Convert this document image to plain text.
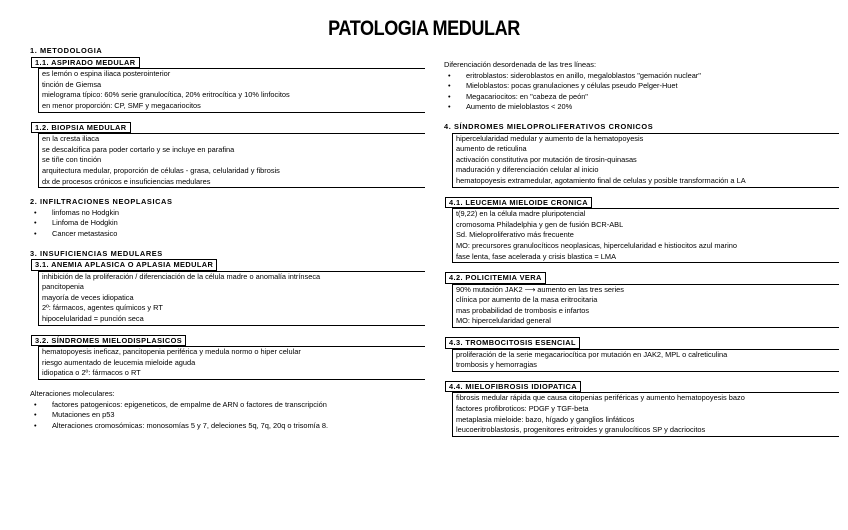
PATOLOGIA MEDULAR
1. METODOLOGIA
1.1. ASPIRADO MEDULAR
es lemón o espina iliaca posterointerior
tinción de Giemsa
mielograma típico: 60% serie granulocítica, 20% eritrocítica y 10% linfocitos
en menor proporción: CP, SMF y megacariocitos
1.2. BIOPSIA MEDULAR
en la cresta iliaca
se descalcifica para poder cortarlo y se incluye en parafina
se tiñe con tinción
arquitectura medular, proporción de células - grasa, celularidad y fibrosis
dx de procesos crónicos e insuficiencias medulares
2. INFILTRACIONES NEOPLASICAS
• linfomas no Hodgkin
• Linfoma de Hodgkin
• Cancer metastasico
3. INSUFICIENCIAS MEDULARES
3.1. ANEMIA APLASICA O APLASIA MEDULAR
inhibición de la proliferación / diferenciación de la célula madre o anomalía intrínseca
pancitopenia
mayoría de veces idiopatica
2º: fármacos, agentes químicos y RT
hipocelularidad = punción seca
3.2. SÍNDROMES MIELODISPLASICOS
hematopoyesis ineficaz, pancitopenia periférica y medula normo o hiper celular
riesgo aumentado de leucemia mieloide aguda
idiopatica o 2º: fármacos o RT
Alteraciones moleculares:
• factores patogenicos: epigeneticos, de empalme de ARN o factores de transcripción
• Mutaciones en p53
• Alteraciones cromosómicas: monosomías 5 y 7, deleciones 5q, 7q, 20q o trisomía 8.
Diferenciación desordenada de las tres líneas:
• eritroblastos: sideroblastos en anillo, megaloblastos "gemación nuclear"
• Mieloblastos: pocas granulaciones y células pseudo Pelger-Huet
• Megacariocitos: en "cabeza de peón"
• Aumento de mieloblastos < 20%
4. SÍNDROMES MIELOPROLIFERATIVOS CRONICOS
hipercelularidad medular y aumento de la hematopoyesis
aumento de reticulina
activación constitutiva por mutación de tirosin-quinasas
maduración y diferenciación celular al inicio
hematopoyesis extramedular, agotamiento final de celulas y posible transformación a LA
4.1. LEUCEMIA MIELOIDE CRONICA
t(9,22) en la célula madre pluripotencial
cromosoma Philadelphia y gen de fusión BCR-ABL
Sd. Mieloproliferativo más frecuente
MO: precursores granulocíticos neoplasicas, hipercelularidad e histiocitos azul marino
fase lenta, fase acelerada y crisis blastica = LMA
4.2. POLICITEMIA VERA
90% mutación JAK2 ⟶ aumento en las tres series
clínica por aumento de la masa eritrocitaria
mas probabilidad de trombosis e infartos
MO: hipercelularidad general
4.3. TROMBOCITOSIS ESENCIAL
proliferación de la serie megacariocítica por mutación en JAK2, MPL o calreticulina
trombosis y hemorragias
4.4. MIELOFIBROSIS IDIOPATICA
fibrosis medular rápida que causa citopenias periféricas y aumento hematopoyesis bazo
factores profibroticos: PDGF y TGF-beta
metaplasia mieloide: bazo, hígado y ganglios linfáticos
leucoeritroblastosis, progenitores eritroides y granulocíticos SP y dacriocitos
